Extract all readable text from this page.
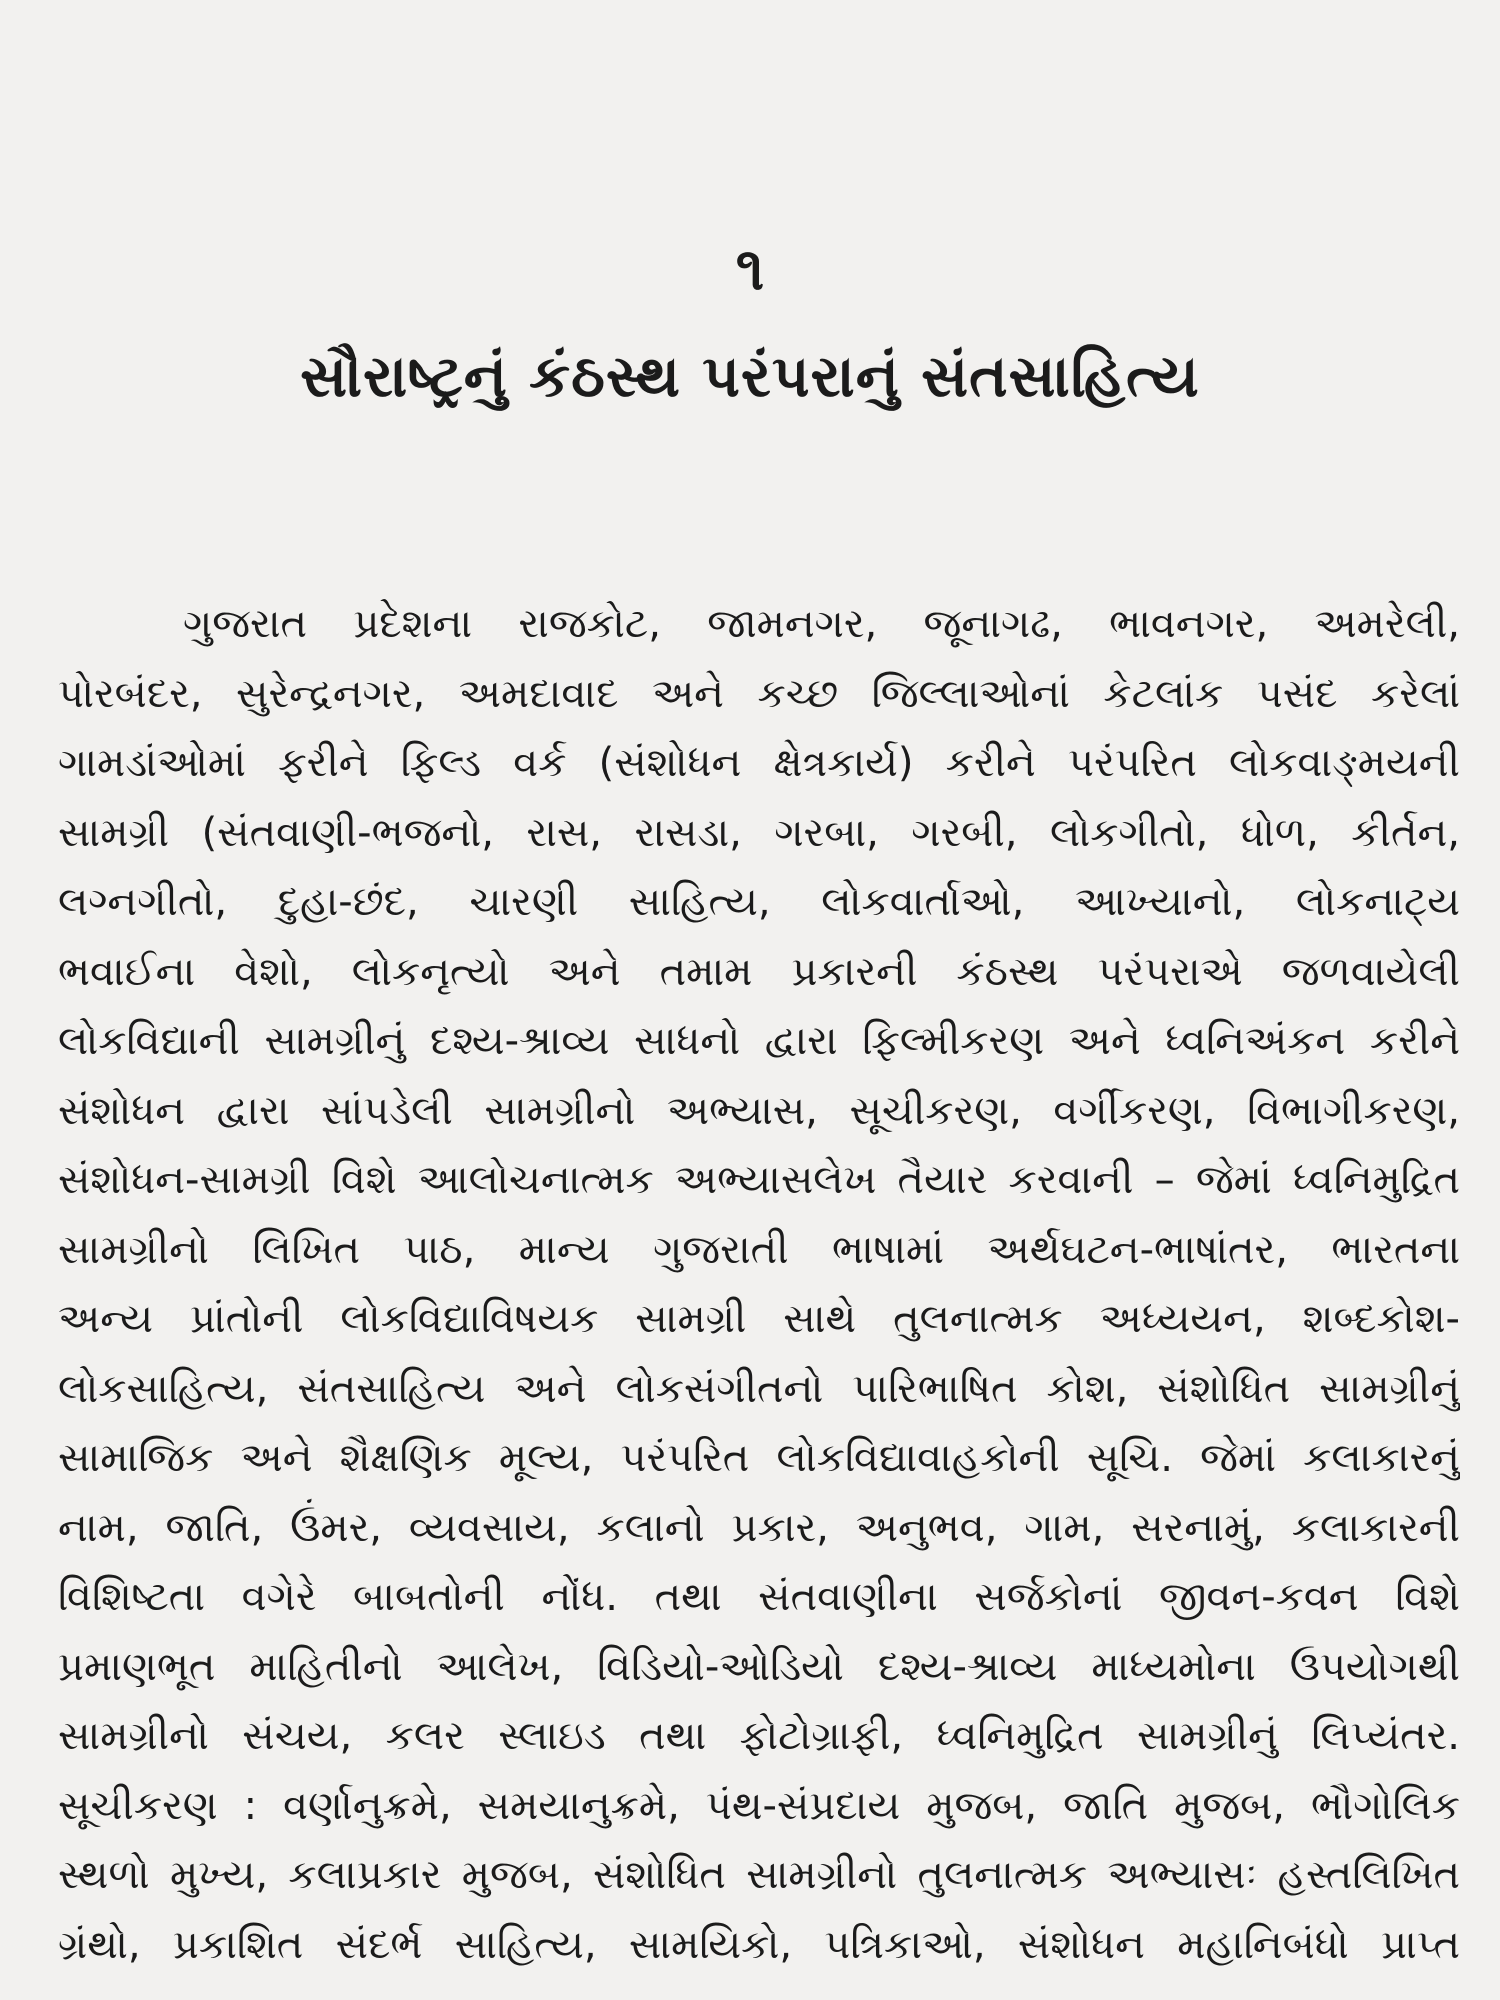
૧
સૌરાષ્ટ્રનું કંઠસ્થ પરંપરાનું સંતસાહિત્ય
ગુજરાત પ્રદેશના રાજકોટ, જામનગર, જૂનાગઢ, ભાવનગર, અમરેલી,
પોરબંદર, સુરેન્દ્રનગર, અમદાવાદ અને કચ્છ જિલ્લાઓનાં કેટલાંક પસંદ કરેલાં
ગામડાંઓમાં ફરીને ફિલ્ડ વર્ક (સંશોધન ક્ષેત્રકાર્ય) કરીને પરંપરિત લોકવાઙ્મયની
સામગ્રી (સંતવાણી-ભજનો, રાસ, રાસડા, ગરબા, ગરબી, લોકગીતો, ધોળ, કીર્તન,
લગ્નગીતો, દુહા-છંદ, ચારણી સાહિત્ય, લોકવાર્તાઓ, આખ્યાનો, લોકનાટ્ય
ભવાઈના વેશો, લોકનૃત્યો અને તમામ પ્રકારની કંઠસ્થ પરંપરાએ જળવાયેલી
લોકવિદ્યાની સામગ્રીનું દશ્ય-શ્રાવ્ય સાધનો દ્વારા ફિલ્મીકરણ અને ધ્વનિઅંકન કરીને
સંશોધન દ્વારા સાંપડેલી સામગ્રીનો અભ્યાસ, સૂચીકરણ, વર્ગીકરણ, વિભાગીકરણ,
સંશોધન-સામગ્રી વિશે આલોચનાત્મક અભ્યાસલેખ તૈયાર કરવાની – જેમાં ધ્વનિમુદ્રિત
સામગ્રીનો લિખિત પાઠ, માન્ય ગુજરાતી ભાષામાં અર્થઘટન-ભાષાંતર, ભારતના
અન્ય પ્રાંતોની લોકવિદ્યાવિષયક સામગ્રી સાથે તુલનાત્મક અધ્યયન, શબ્દકોશ-
લોકસાહિત્ય, સંતસાહિત્ય અને લોકસંગીતનો પારિભાષિત કોશ, સંશોધિત સામગ્રીનું
સામાજિક અને શૈક્ષણિક મૂલ્ય, પરંપરિત લોકવિદ્યાવાહકોની સૂચિ. જેમાં કલાકારનું
નામ, જાતિ, ઉંમર, વ્યવસાય, કલાનો પ્રકાર, અનુભવ, ગામ, સરનામું, કલાકારની
વિશિષ્ટતા વગેરે બાબતોની નોંધ. તથા સંતવાણીના સર્જકોનાં જીવન-કવન વિશે
પ્રમાણભૂત માહિતીનો આલેખ, વિડિયો-ઓડિયો દશ્ય-શ્રાવ્ય માધ્યમોના ઉપયોગથી
સામગ્રીનો સંચય, કલર સ્લાઇડ તથા ફોટોગ્રાફી, ધ્વનિમુદ્રિત સામગ્રીનું લિપ્યંતર.
સૂચીકરણ : વર્ણાનુક્રમે, સમયાનુક્રમે, પંથ-સંપ્રદાય મુજબ, જાતિ મુજબ, ભૌગોલિક
સ્થળો મુખ્ય, કલાપ્રકાર મુજબ, સંશોધિત સામગ્રીનો તુલનાત્મક અભ્યાસઃ હસ્તલિખિત
ગ્રંથો, પ્રકાશિત સંદર્ભ સાહિત્ય, સામયિકો, પત્રિકાઓ, સંશોધન મહાનિબંધો પ્રાપ્ત
